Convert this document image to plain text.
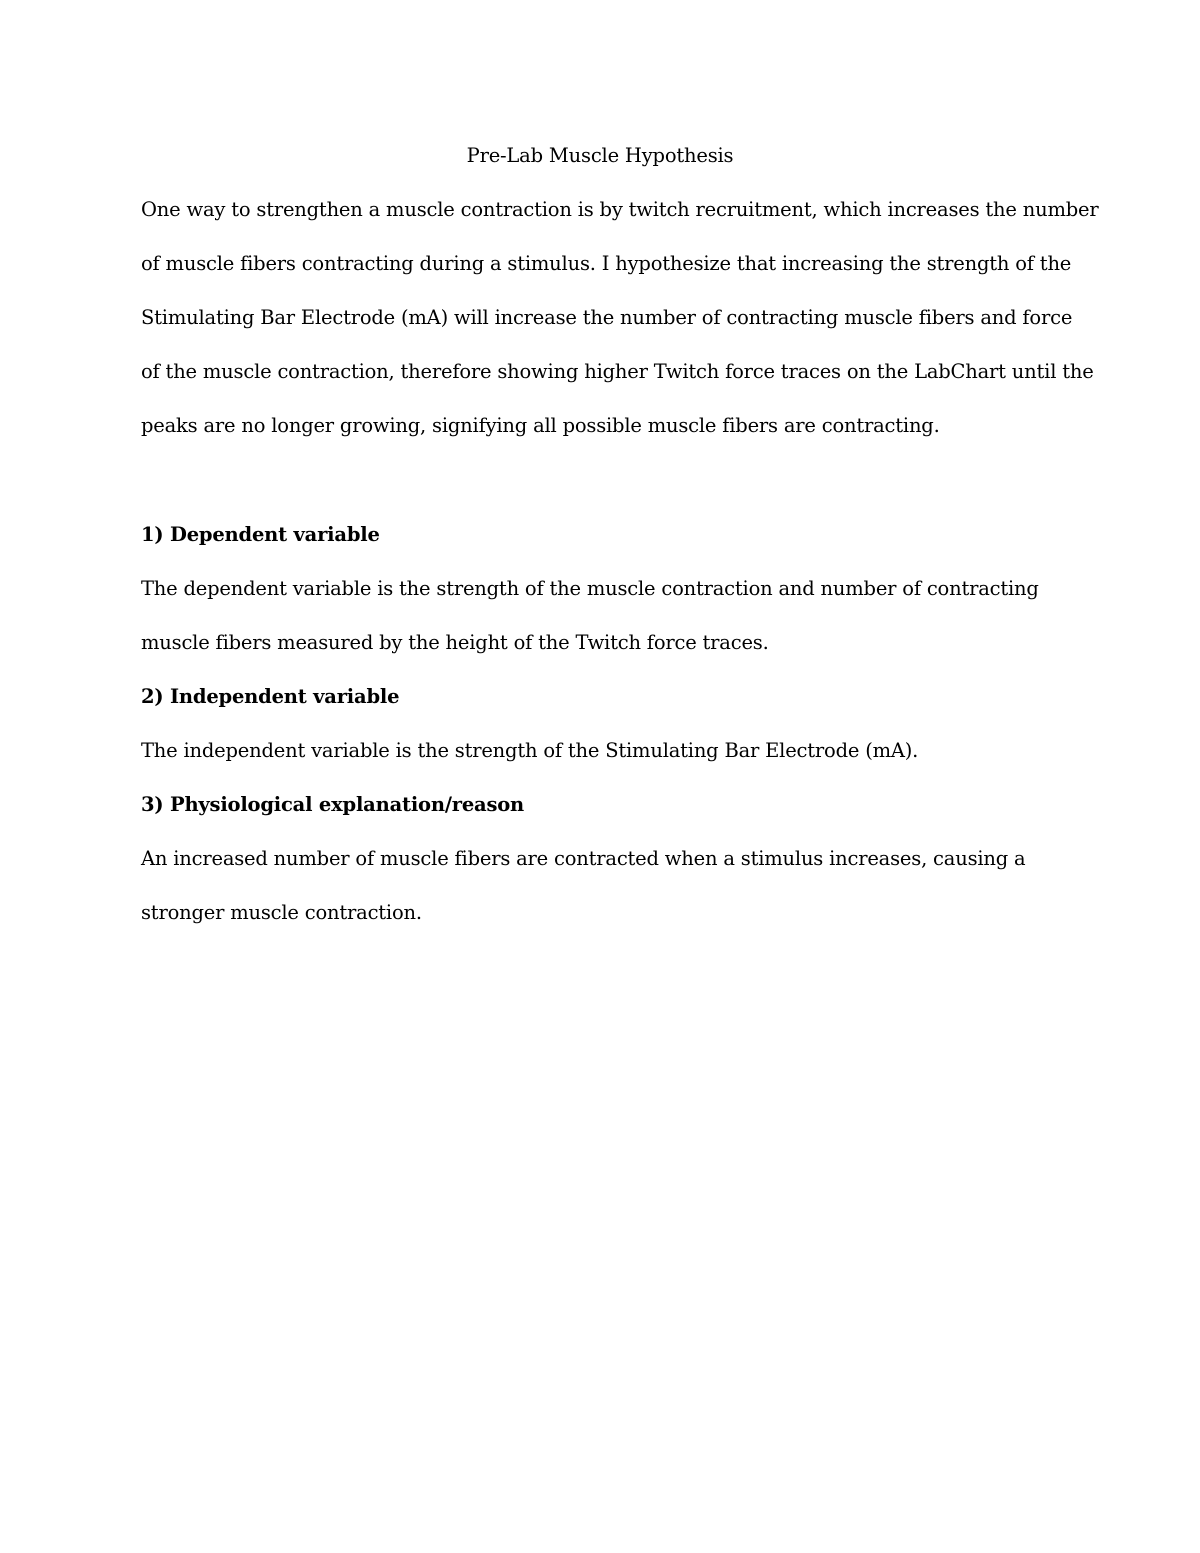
Pre-Lab Muscle Hypothesis
One way to strengthen a muscle contraction is by twitch recruitment, which increases the number
of muscle fibers contracting during a stimulus. I hypothesize that increasing the strength of the
Stimulating Bar Electrode (mA) will increase the number of contracting muscle fibers and force
of the muscle contraction, therefore showing higher Twitch force traces on the LabChart until the
peaks are no longer growing, signifying all possible muscle fibers are contracting.
1) Dependent variable
The dependent variable is the strength of the muscle contraction and number of contracting
muscle fibers measured by the height of the Twitch force traces.
2) Independent variable
The independent variable is the strength of the Stimulating Bar Electrode (mA).
3) Physiological explanation/reason
An increased number of muscle fibers are contracted when a stimulus increases, causing a
stronger muscle contraction.
